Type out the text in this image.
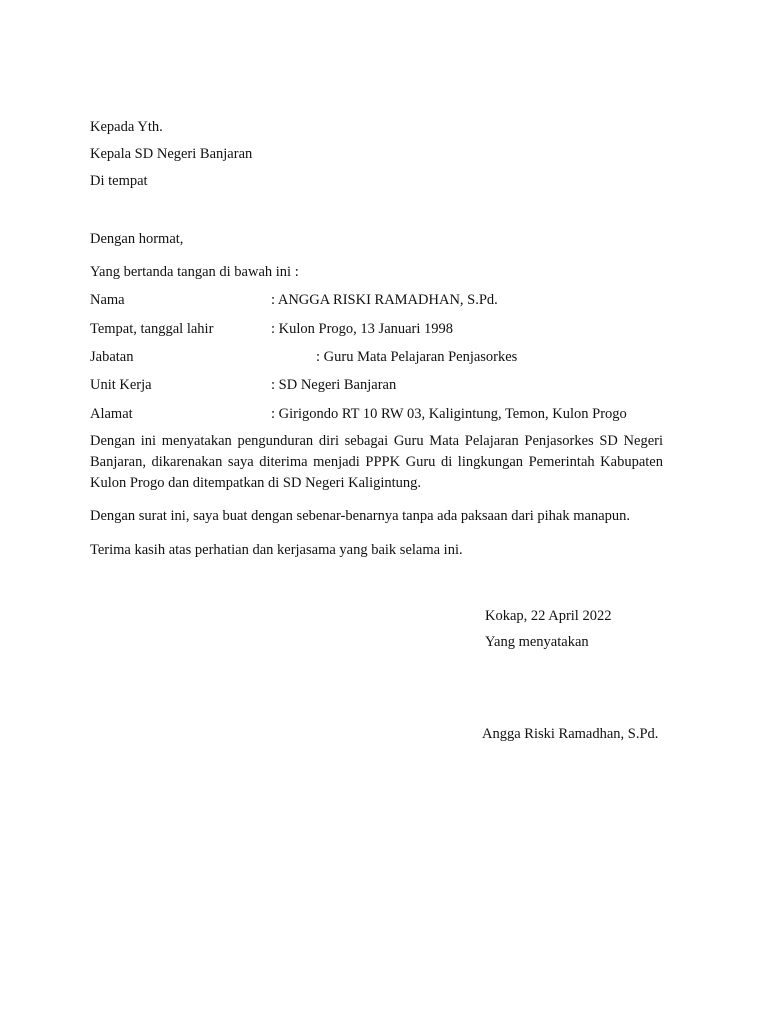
Kepada Yth.
Kepala SD Negeri Banjaran
Di tempat
Dengan hormat,
Yang bertanda tangan di bawah ini :
Nama	: ANGGA RISKI RAMADHAN, S.Pd.
Tempat, tanggal lahir	: Kulon Progo, 13 Januari 1998
Jabatan	: Guru Mata Pelajaran Penjasorkes
Unit Kerja	: SD Negeri Banjaran
Alamat	: Girigondo RT 10 RW 03, Kaligintung, Temon, Kulon Progo
Dengan ini menyatakan pengunduran diri sebagai Guru Mata Pelajaran Penjasorkes SD Negeri Banjaran, dikarenakan saya diterima menjadi PPPK Guru di lingkungan Pemerintah Kabupaten Kulon Progo dan ditempatkan di SD Negeri Kaligintung.
Dengan surat ini, saya buat dengan sebenar-benarnya tanpa ada paksaan dari pihak manapun.
Terima kasih atas perhatian dan kerjasama yang baik selama ini.
Kokap, 22 April 2022
Yang menyatakan
Angga Riski Ramadhan, S.Pd.
